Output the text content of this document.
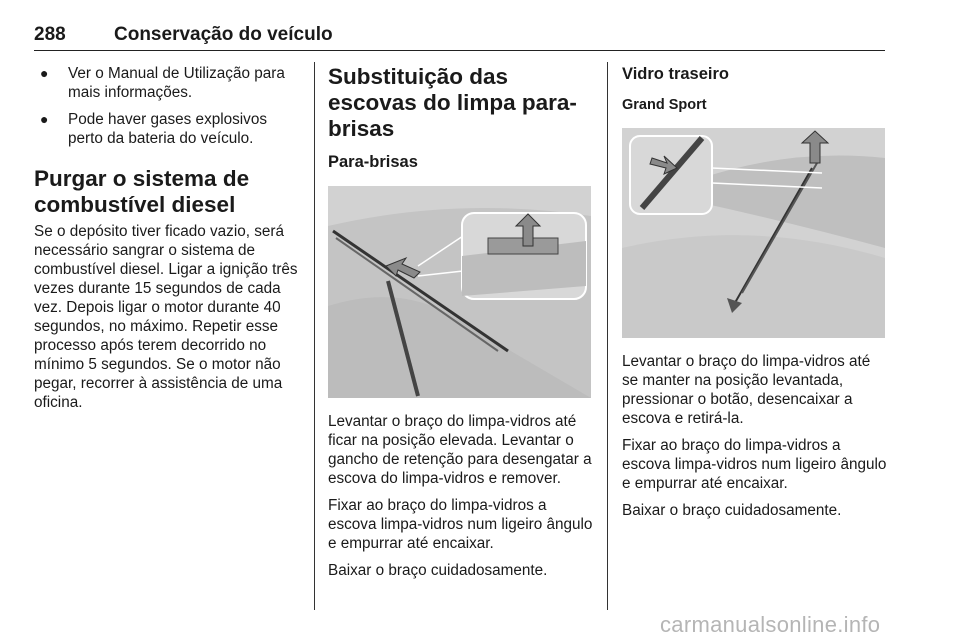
288	Conservação do veículo
● Ver o Manual de Utilização para mais informações.
● Pode haver gases explosivos perto da bateria do veículo.
Purgar o sistema de combustível diesel

Se o depósito tiver ficado vazio, será necessário sangrar o sistema de combustível diesel. Ligar a ignição três vezes durante 15 segundos de cada vez. Depois ligar o motor durante 40 segundos, no máximo. Repetir esse processo após terem decorrido no mínimo 5 segundos. Se o motor não pegar, recorrer à assistência de uma oficina.

Substituição das escovas do limpa para-brisas
Para-brisas

Levantar o braço do limpa-vidros até ficar na posição elevada. Levantar o gancho de retenção para desengatar a escova do limpa-vidros e remover.

Fixar ao braço do limpa-vidros a escova limpa-vidros num ligeiro ângulo e empurrar até encaixar.

Baixar o braço cuidadosamente.

Vidro traseiro
Grand Sport

Levantar o braço do limpa-vidros até se manter na posição levantada, pressionar o botão, desencaixar a escova e retirá-la.

Fixar ao braço do limpa-vidros a escova limpa-vidros num ligeiro ângulo e empurrar até encaixar.

Baixar o braço cuidadosamente.

carmanualsonline.info
